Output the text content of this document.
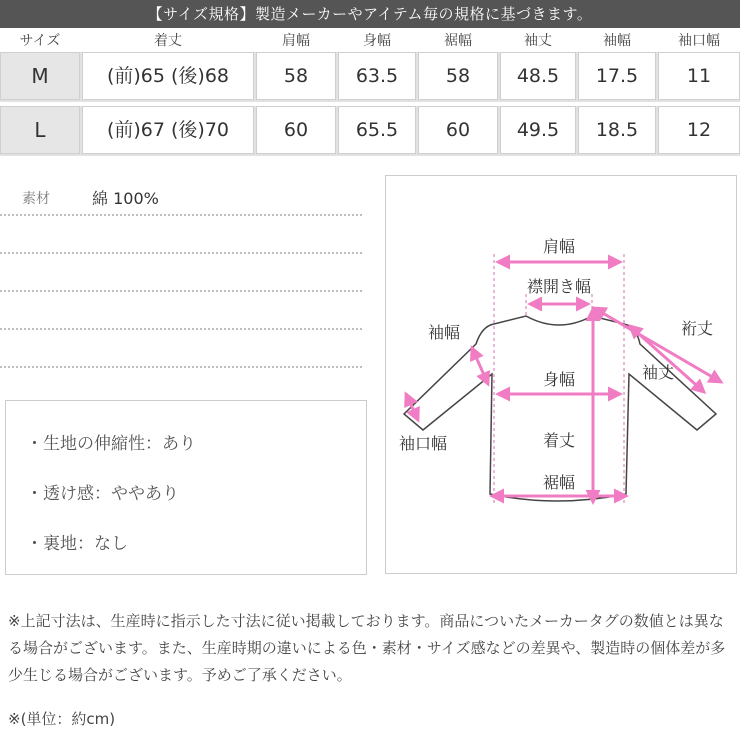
【サイズ規格】製造メーカーやアイテム毎の規格に基づきます。
サイズ	着丈	肩幅	身幅	裾幅	袖丈	袖幅	袖口幅
M	(前)65 (後)68	58	63.5	58	48.5	17.5	11
L	(前)67 (後)70	60	65.5	60	49.5	18.5	12
素材	綿 100%
・生地の伸縮性：あり
・透け感：ややあり
・裏地：なし
肩幅
襟開き幅
袖幅	裄丈
袖丈
身幅
袖口幅	着丈
裾幅
※上記寸法は、生産時に指示した寸法に従い掲載しております。商品についたメーカータグの数値とは異なる場合がございます。また、生産時期の違いによる色・素材・サイズ感などの差異や、製造時の個体差が多少生じる場合がございます。予めご了承ください。
※(単位：約cm)
